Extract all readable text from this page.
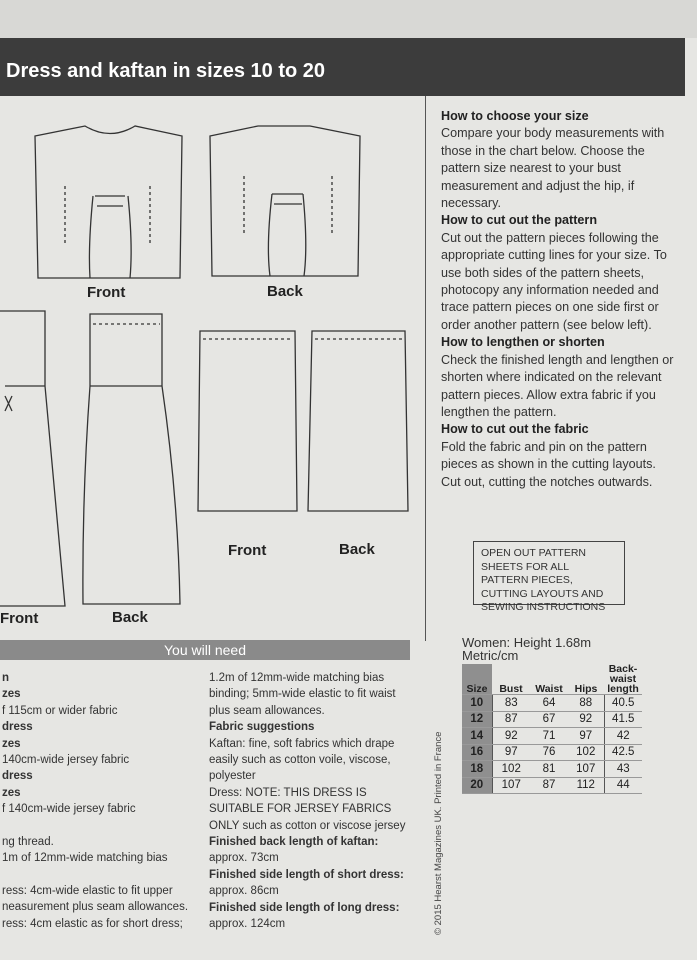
Dress and kaftan in sizes 10 to 20
Front	Back
Front	Back
Front	Back
How to choose your size

Compare your body measurements with those in the chart below. Choose the pattern size nearest to your bust measurement and adjust the hip, if necessary.

How to cut out the pattern

Cut out the pattern pieces following the appropriate cutting lines for your size. To use both sides of the pattern sheets, photocopy any information needed and trace pattern pieces on one side first or order another pattern (see below left).

How to lengthen or shorten

Check the finished length and lengthen or shorten where indicated on the relevant pattern pieces. Allow extra fabric if you lengthen the pattern.

How to cut out the fabric

Fold the fabric and pin on the pattern pieces as shown in the cutting layouts. Cut out, cutting the notches outwards.

OPEN OUT PATTERN SHEETS FOR ALL PATTERN PIECES, CUTTING LAYOUTS AND SEWING INSTRUCTIONS
You will need
n
zes
f 115cm or wider fabric
dress
zes
140cm-wide jersey fabric
dress
zes
f 140cm-wide jersey fabric
ng thread.
1m of 12mm-wide matching bias
ress: 4cm-wide elastic to fit upper
neasurement plus seam allowances.
ress: 4cm elastic as for short dress;
1.2m of 12mm-wide matching bias binding; 5mm-wide elastic to fit waist plus seam allowances.
Fabric suggestions
Kaftan: fine, soft fabrics which drape easily such as cotton voile, viscose, polyester
Dress: NOTE: THIS DRESS IS SUITABLE FOR JERSEY FABRICS ONLY such as cotton or viscose jersey
Finished back length of kaftan:
approx. 73cm
Finished side length of short dress:
approx. 86cm
Finished side length of long dress:
approx. 124cm
Women: Height 1.68m
Metric/cm
Size	Bust	Waist	Hips	Back-waist length
10	83	64	88	40.5
12	87	67	92	41.5
14	92	71	97	42
16	97	76	102	42.5
18	102	81	107	43
20	107	87	112	44
© 2015 Hearst Magazines UK. Printed in France
